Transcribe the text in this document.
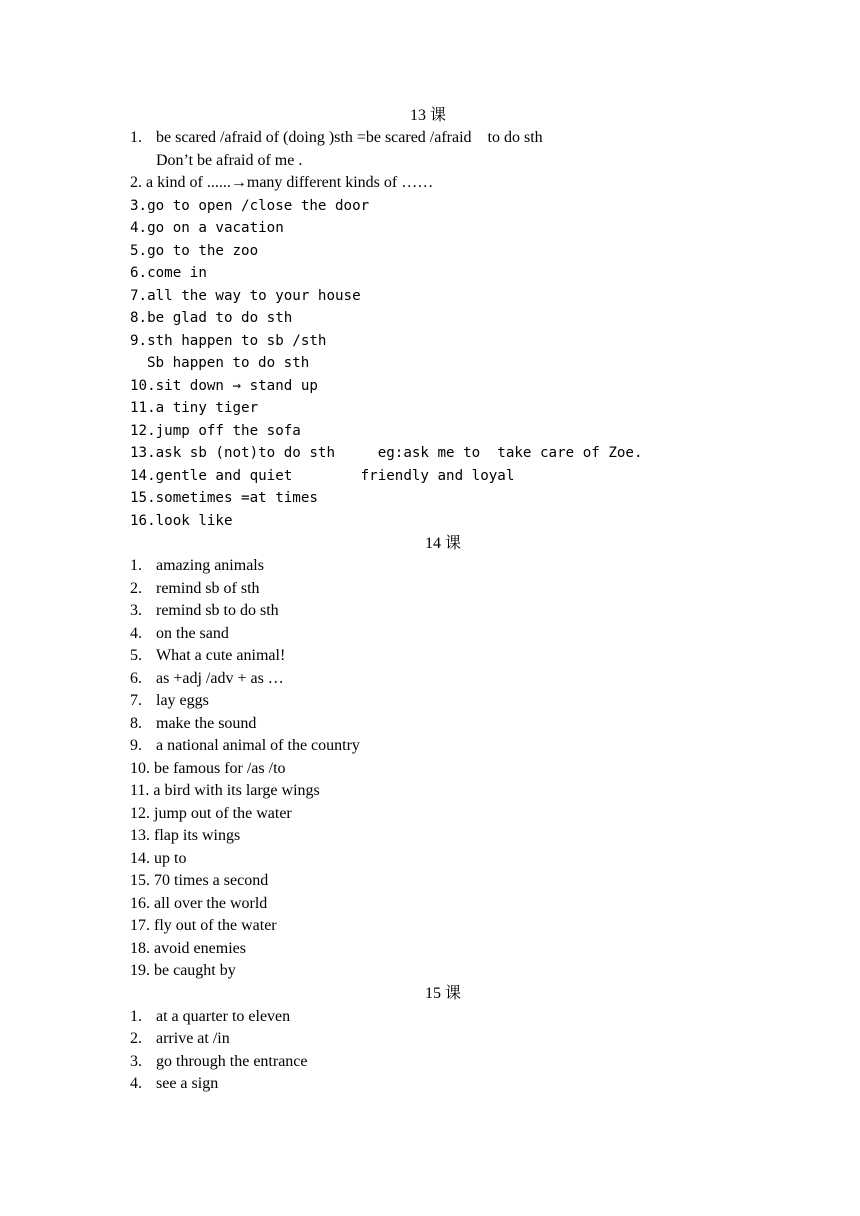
13 课
1. be scared /afraid of (doing )sth =be scared /afraid    to do sth
Don’t be afraid of me .
2. a kind of ......→many different kinds of ……
3.go to open /close the door
4.go on a vacation
5.go to the zoo
6.come in
7.all the way to your house
8.be glad to do sth
9.sth happen to sb /sth
Sb happen to do sth
10.sit down → stand up
11.a tiny tiger
12.jump off the sofa
13.ask sb (not)to do sth     eg:ask me to  take care of Zoe.
14.gentle and quiet        friendly and loyal
15.sometimes =at times
16.look like
14 课
1. amazing animals
2. remind sb of sth
3. remind sb to do sth
4. on the sand
5. What a cute animal!
6. as +adj /adv + as …
7. lay eggs
8. make the sound
9. a national animal of the country
10. be famous for /as /to
11. a bird with its large wings
12. jump out of the water
13. flap its wings
14. up to
15. 70 times a second
16. all over the world
17. fly out of the water
18. avoid enemies
19. be caught by
15 课
1. at a quarter to eleven
2. arrive at /in
3. go through the entrance
4. see a sign
